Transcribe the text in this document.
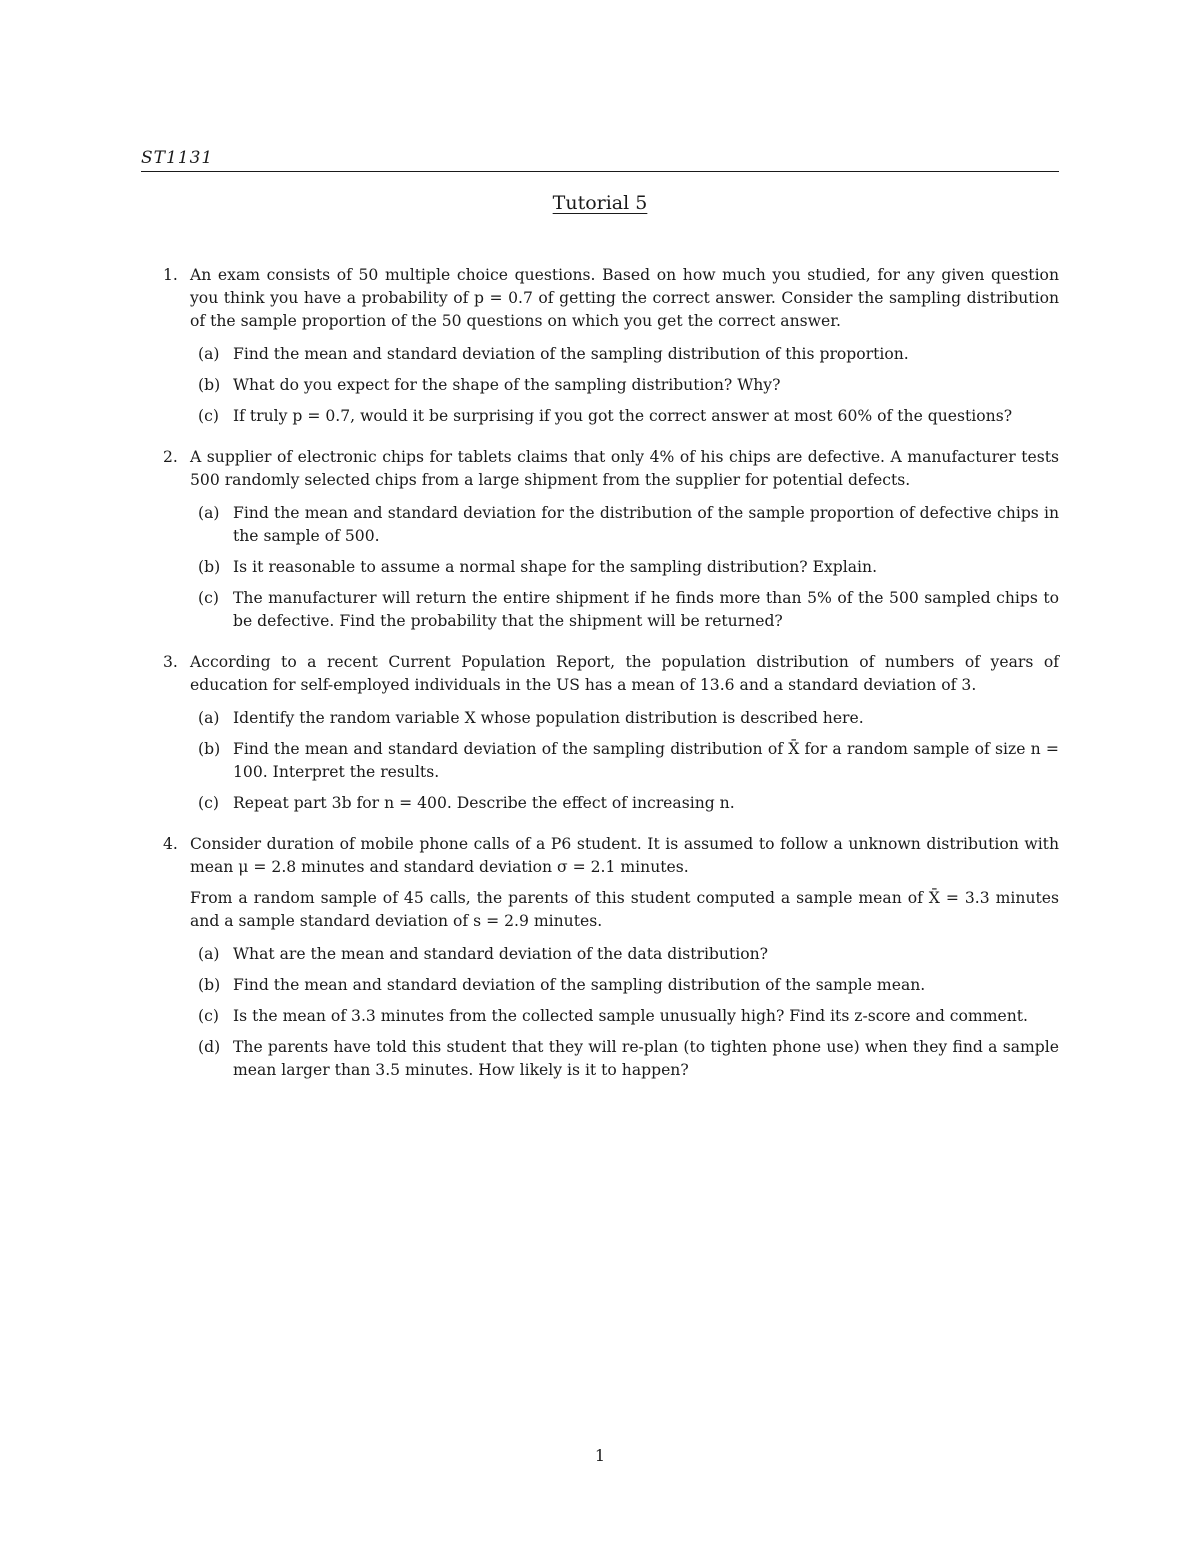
ST1131
Tutorial 5
1. An exam consists of 50 multiple choice questions. Based on how much you studied, for any given question you think you have a probability of p = 0.7 of getting the correct answer. Consider the sampling distribution of the sample proportion of the 50 questions on which you get the correct answer.
(a) Find the mean and standard deviation of the sampling distribution of this proportion.
(b) What do you expect for the shape of the sampling distribution? Why?
(c) If truly p = 0.7, would it be surprising if you got the correct answer at most 60% of the questions?
2. A supplier of electronic chips for tablets claims that only 4% of his chips are defective. A manufacturer tests 500 randomly selected chips from a large shipment from the supplier for potential defects.
(a) Find the mean and standard deviation for the distribution of the sample proportion of defective chips in the sample of 500.
(b) Is it reasonable to assume a normal shape for the sampling distribution? Explain.
(c) The manufacturer will return the entire shipment if he finds more than 5% of the 500 sampled chips to be defective. Find the probability that the shipment will be returned?
3. According to a recent Current Population Report, the population distribution of numbers of years of education for self-employed individuals in the US has a mean of 13.6 and a standard deviation of 3.
(a) Identify the random variable X whose population distribution is described here.
(b) Find the mean and standard deviation of the sampling distribution of X̄ for a random sample of size n = 100. Interpret the results.
(c) Repeat part 3b for n = 400. Describe the effect of increasing n.
4. Consider duration of mobile phone calls of a P6 student. It is assumed to follow a unknown distribution with mean μ = 2.8 minutes and standard deviation σ = 2.1 minutes.
From a random sample of 45 calls, the parents of this student computed a sample mean of X̄ = 3.3 minutes and a sample standard deviation of s = 2.9 minutes.
(a) What are the mean and standard deviation of the data distribution?
(b) Find the mean and standard deviation of the sampling distribution of the sample mean.
(c) Is the mean of 3.3 minutes from the collected sample unusually high? Find its z-score and comment.
(d) The parents have told this student that they will re-plan (to tighten phone use) when they find a sample mean larger than 3.5 minutes. How likely is it to happen?
1
